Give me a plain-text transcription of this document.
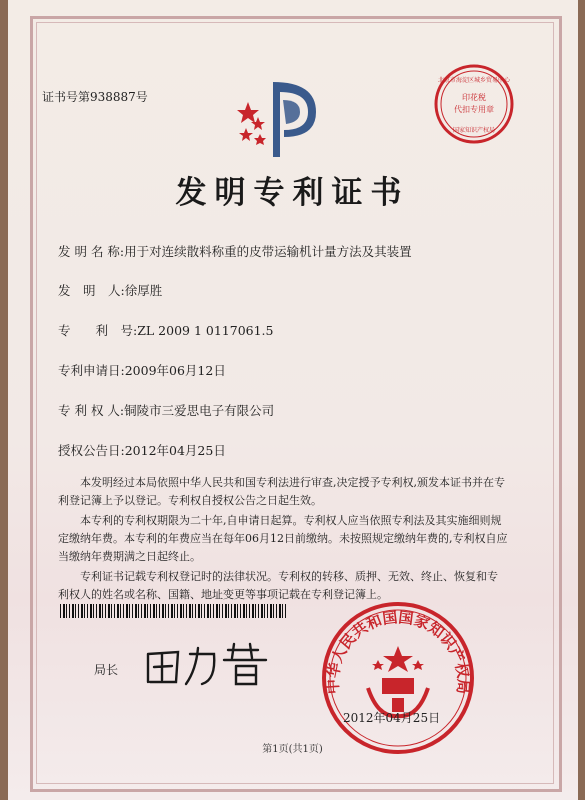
证书号第938887号	印花税
代扣专用章
北京市海淀区城乡贸易中心
国家知识产权局
发明专利证书
发 明 名 称:用于对连续散料称重的皮带运输机计量方法及其装置
发　明　人:徐厚胜
专　　利　号:ZL 2009 1 0117061.5
专利申请日:2009年06月12日
专 利 权 人:铜陵市三爱思电子有限公司
授权公告日:2012年04月25日
本发明经过本局依照中华人民共和国专利法进行审查,决定授予专利权,颁发本证书并在专利登记簿上予以登记。专利权自授权公告之日起生效。
本专利的专利权期限为二十年,自申请日起算。专利权人应当依照专利法及其实施细则规定缴纳年费。本专利的年费应当在每年06月12日前缴纳。未按照规定缴纳年费的,专利权自应当缴纳年费期满之日起终止。
专利证书记载专利权登记时的法律状况。专利权的转移、质押、无效、终止、恢复和专利权人的姓名或名称、国籍、地址变更等事项记载在专利登记簿上。
局长
中华人民共和国国家知识产权局
2012年04月25日
第1页(共1页)
